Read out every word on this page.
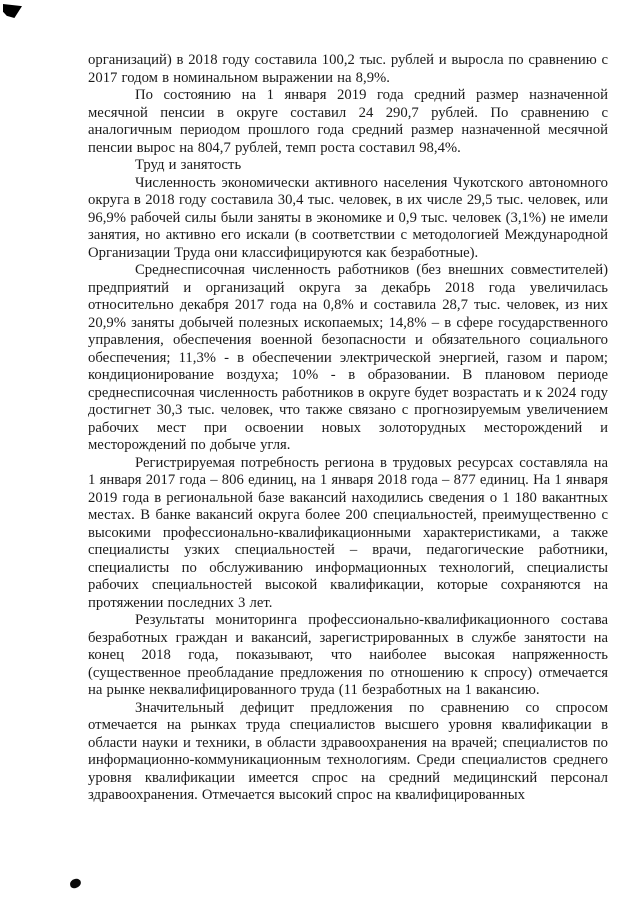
организаций) в 2018 году составила 100,2 тыс. рублей и выросла по сравнению с 2017 годом в номинальном выражении на 8,9%.

По состоянию на 1 января 2019 года средний размер назначенной месячной пенсии в округе составил 24 290,7 рублей. По сравнению с аналогичным периодом прошлого года средний размер назначенной месячной пенсии вырос на 804,7 рублей, темп роста составил 98,4%.

Труд и занятость

Численность экономически активного населения Чукотского автономного округа в 2018 году составила 30,4 тыс. человек, в их числе 29,5 тыс. человек, или 96,9% рабочей силы были заняты в экономике и 0,9 тыс. человек (3,1%) не имели занятия, но активно его искали (в соответствии с методологией Международной Организации Труда они классифицируются как безработные).

Среднесписочная численность работников (без внешних совместителей) предприятий и организаций округа за декабрь 2018 года увеличилась относительно декабря 2017 года на 0,8% и составила 28,7 тыс. человек, из них 20,9% заняты добычей полезных ископаемых; 14,8% – в сфере государственного управления, обеспечения военной безопасности и обязательного социального обеспечения; 11,3% - в обеспечении электрической энергией, газом и паром; кондиционирование воздуха; 10% - в образовании. В плановом периоде среднесписочная численность работников в округе будет возрастать и к 2024 году достигнет 30,3 тыс. человек, что также связано с прогнозируемым увеличением рабочих мест при освоении новых золоторудных месторождений и месторождений по добыче угля.

Регистрируемая потребность региона в трудовых ресурсах составляла на 1 января 2017 года – 806 единиц, на 1 января 2018 года – 877 единиц. На 1 января 2019 года в региональной базе вакансий находились сведения о 1 180 вакантных местах. В банке вакансий округа более 200 специальностей, преимущественно с высокими профессионально-квалификационными характеристиками, а также специалисты узких специальностей – врачи, педагогические работники, специалисты по обслуживанию информационных технологий, специалисты рабочих специальностей высокой квалификации, которые сохраняются на протяжении последних 3 лет.

Результаты мониторинга профессионально-квалификационного состава безработных граждан и вакансий, зарегистрированных в службе занятости на конец 2018 года, показывают, что наиболее высокая напряженность (существенное преобладание предложения по отношению к спросу) отмечается на рынке неквалифицированного труда (11 безработных на 1 вакансию.

Значительный дефицит предложения по сравнению со спросом отмечается на рынках труда специалистов высшего уровня квалификации в области науки и техники, в области здравоохранения на врачей; специалистов по информационно-коммуникационным технологиям. Среди специалистов среднего уровня квалификации имеется спрос на средний медицинский персонал здравоохранения. Отмечается высокий спрос на квалифицированных
